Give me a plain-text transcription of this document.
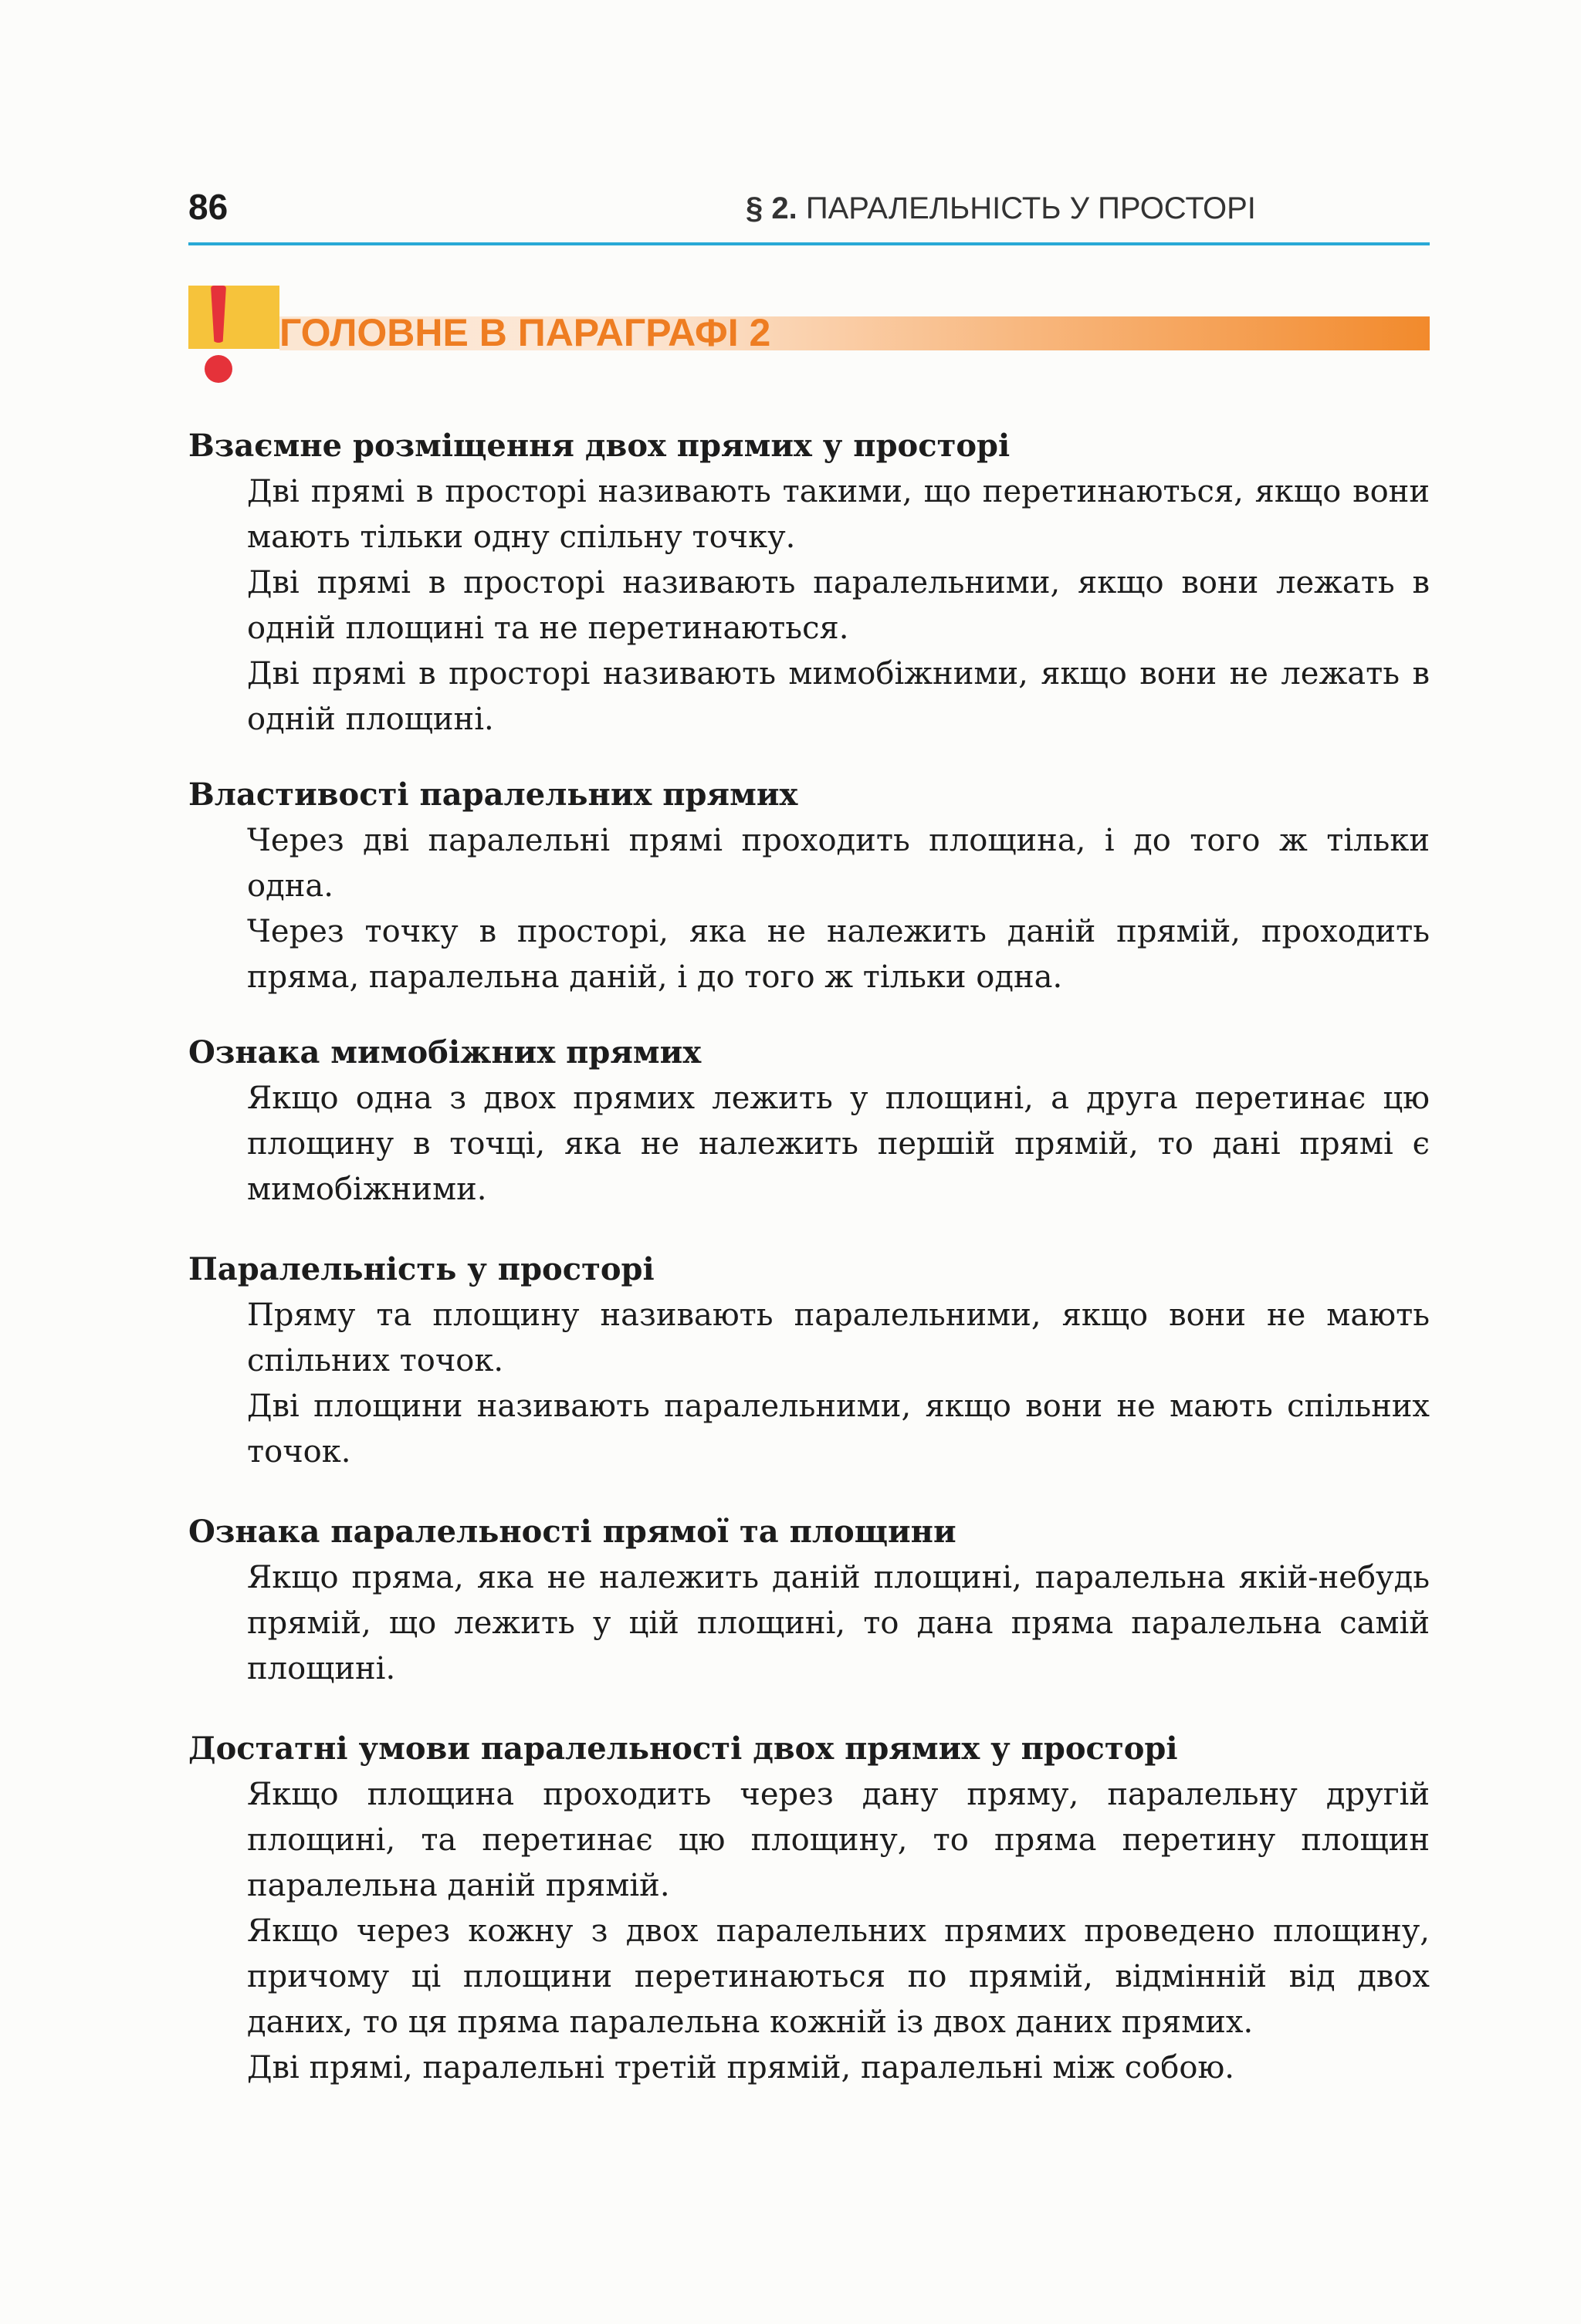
86	§ 2. ПАРАЛЕЛЬНІСТЬ У ПРОСТОРІ
ГОЛОВНЕ В ПАРАГРАФІ 2
Взаємне розміщення двох прямих у просторі

Дві прямі в просторі називають такими, що перетинаються, якщо вони мають тільки одну спільну точку.

Дві прямі в просторі називають паралельними, якщо вони лежать в одній площині та не перетинаються.

Дві прямі в просторі називають мимобіжними, якщо вони не лежать в одній площині.

Властивості паралельних прямих

Через дві паралельні прямі проходить площина, і до того ж тільки одна.

Через точку в просторі, яка не належить даній прямій, проходить пряма, паралельна даній, і до того ж тільки одна.

Ознака мимобіжних прямих

Якщо одна з двох прямих лежить у площині, а друга перетинає цю площину в точці, яка не належить першій прямій, то дані прямі є мимобіжними.

Паралельність у просторі

Пряму та площину називають паралельними, якщо вони не мають спільних точок.

Дві площини називають паралельними, якщо вони не мають спільних точок.

Ознака паралельності прямої та площини

Якщо пряма, яка не належить даній площині, паралельна якій-небудь прямій, що лежить у цій площині, то дана пряма паралельна самій площині.

Достатні умови паралельності двох прямих у просторі

Якщо площина проходить через дану пряму, паралельну другій площині, та перетинає цю площину, то пряма перетину площин паралельна даній прямій.

Якщо через кожну з двох паралельних прямих проведено площину, причому ці площини перетинаються по прямій, відмінній від двох даних, то ця пряма паралельна кожній із двох даних прямих.

Дві прямі, паралельні третій прямій, паралельні між собою.
